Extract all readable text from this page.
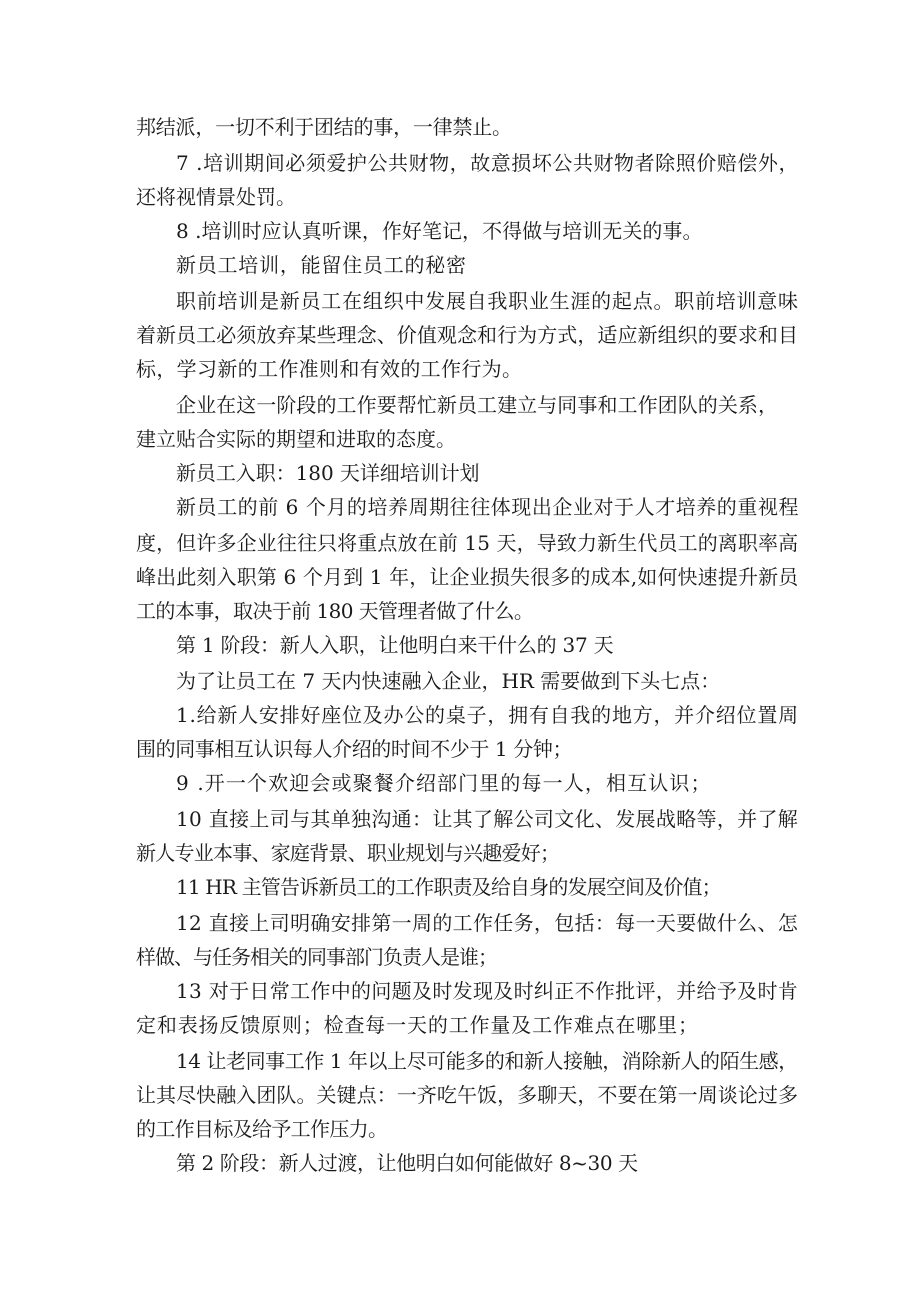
邦结派，一切不利于团结的事，一律禁止。
7 .培训期间必须爱护公共财物，故意损坏公共财物者除照价赔偿外，
还将视情景处罚。
8 .培训时应认真听课，作好笔记，不得做与培训无关的事。
新员工培训，能留住员工的秘密
职前培训是新员工在组织中发展自我职业生涯的起点。职前培训意味
着新员工必须放弃某些理念、价值观念和行为方式，适应新组织的要求和目
标，学习新的工作准则和有效的工作行为。
企业在这一阶段的工作要帮忙新员工建立与同事和工作团队的关系，
建立贴合实际的期望和进取的态度。
新员工入职：180 天详细培训计划
新员工的前 6 个月的培养周期往往体现出企业对于人才培养的重视程
度，但许多企业往往只将重点放在前 15 天，导致力新生代员工的离职率高
峰出此刻入职第 6 个月到 1 年，让企业损失很多的成本,如何快速提升新员
工的本事，取决于前 180 天管理者做了什么。
第 1 阶段：新人入职，让他明白来干什么的 37 天
为了让员工在 7 天内快速融入企业，HR 需要做到下头七点：
1.给新人安排好座位及办公的桌子，拥有自我的地方，并介绍位置周
围的同事相互认识每人介绍的时间不少于 1 分钟；
9 .开一个欢迎会或聚餐介绍部门里的每一人，相互认识；
10 直接上司与其单独沟通：让其了解公司文化、发展战略等，并了解
新人专业本事、家庭背景、职业规划与兴趣爱好；
11 HR 主管告诉新员工的工作职责及给自身的发展空间及价值；
12 直接上司明确安排第一周的工作任务，包括：每一天要做什么、怎
样做、与任务相关的同事部门负责人是谁；
13 对于日常工作中的问题及时发现及时纠正不作批评，并给予及时肯
定和表扬反馈原则；检查每一天的工作量及工作难点在哪里；
14 让老同事工作 1 年以上尽可能多的和新人接触，消除新人的陌生感，
让其尽快融入团队。关键点：一齐吃午饭，多聊天，不要在第一周谈论过多
的工作目标及给予工作压力。
第 2 阶段：新人过渡，让他明白如何能做好 8~30 天
